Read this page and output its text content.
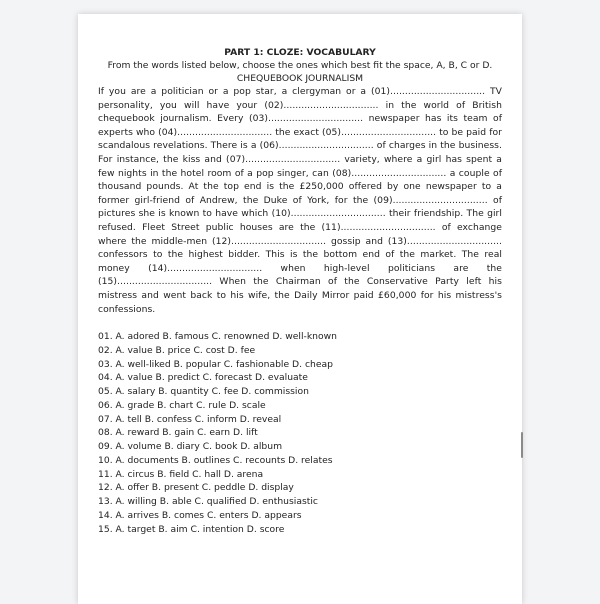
PART 1: CLOZE: VOCABULARY

From the words listed below, choose the ones which best fit the space, A, B, C or D.

CHEQUEBOOK JOURNALISM

If you are a politician or a pop star, a clergyman or a (01)................................ TV personality, you will have your (02)................................ in the world of British chequebook journalism. Every (03)................................ newspaper has its team of experts who (04)................................ the exact (05)................................ to be paid for scandalous revelations. There is a (06)................................ of charges in the business. For instance, the kiss and (07)................................ variety, where a girl has spent a few nights in the hotel room of a pop singer, can (08)................................ a couple of thousand pounds. At the top end is the £250,000 offered by one newspaper to a former girl-friend of Andrew, the Duke of York, for the (09)................................ of pictures she is known to have which (10)................................ their friendship. The girl refused. Fleet Street public houses are the (11)................................ of exchange where the middle-men (12)................................ gossip and (13)................................ confessors to the highest bidder. This is the bottom end of the market. The real money (14)................................ when high-level politicians are the (15)................................ When the Chairman of the Conservative Party left his mistress and went back to his wife, the Daily Mirror paid £60,000 for his mistress's confessions.

01. A. adored B. famous C. renowned D. well-known
02. A. value B. price C. cost D. fee
03. A. well-liked B. popular C. fashionable D. cheap
04. A. value B. predict C. forecast D. evaluate
05. A. salary B. quantity C. fee D. commission
06. A. grade B. chart C. rule D. scale
07. A. tell B. confess C. inform D. reveal
08. A. reward B. gain C. earn D. lift
09. A. volume B. diary C. book D. album
10. A. documents B. outlines C. recounts D. relates
11. A. circus B. field C. hall D. arena
12. A. offer B. present C. peddle D. display
13. A. willing B. able C. qualified D. enthusiastic
14. A. arrives B. comes C. enters D. appears
15. A. target B. aim C. intention D. score
